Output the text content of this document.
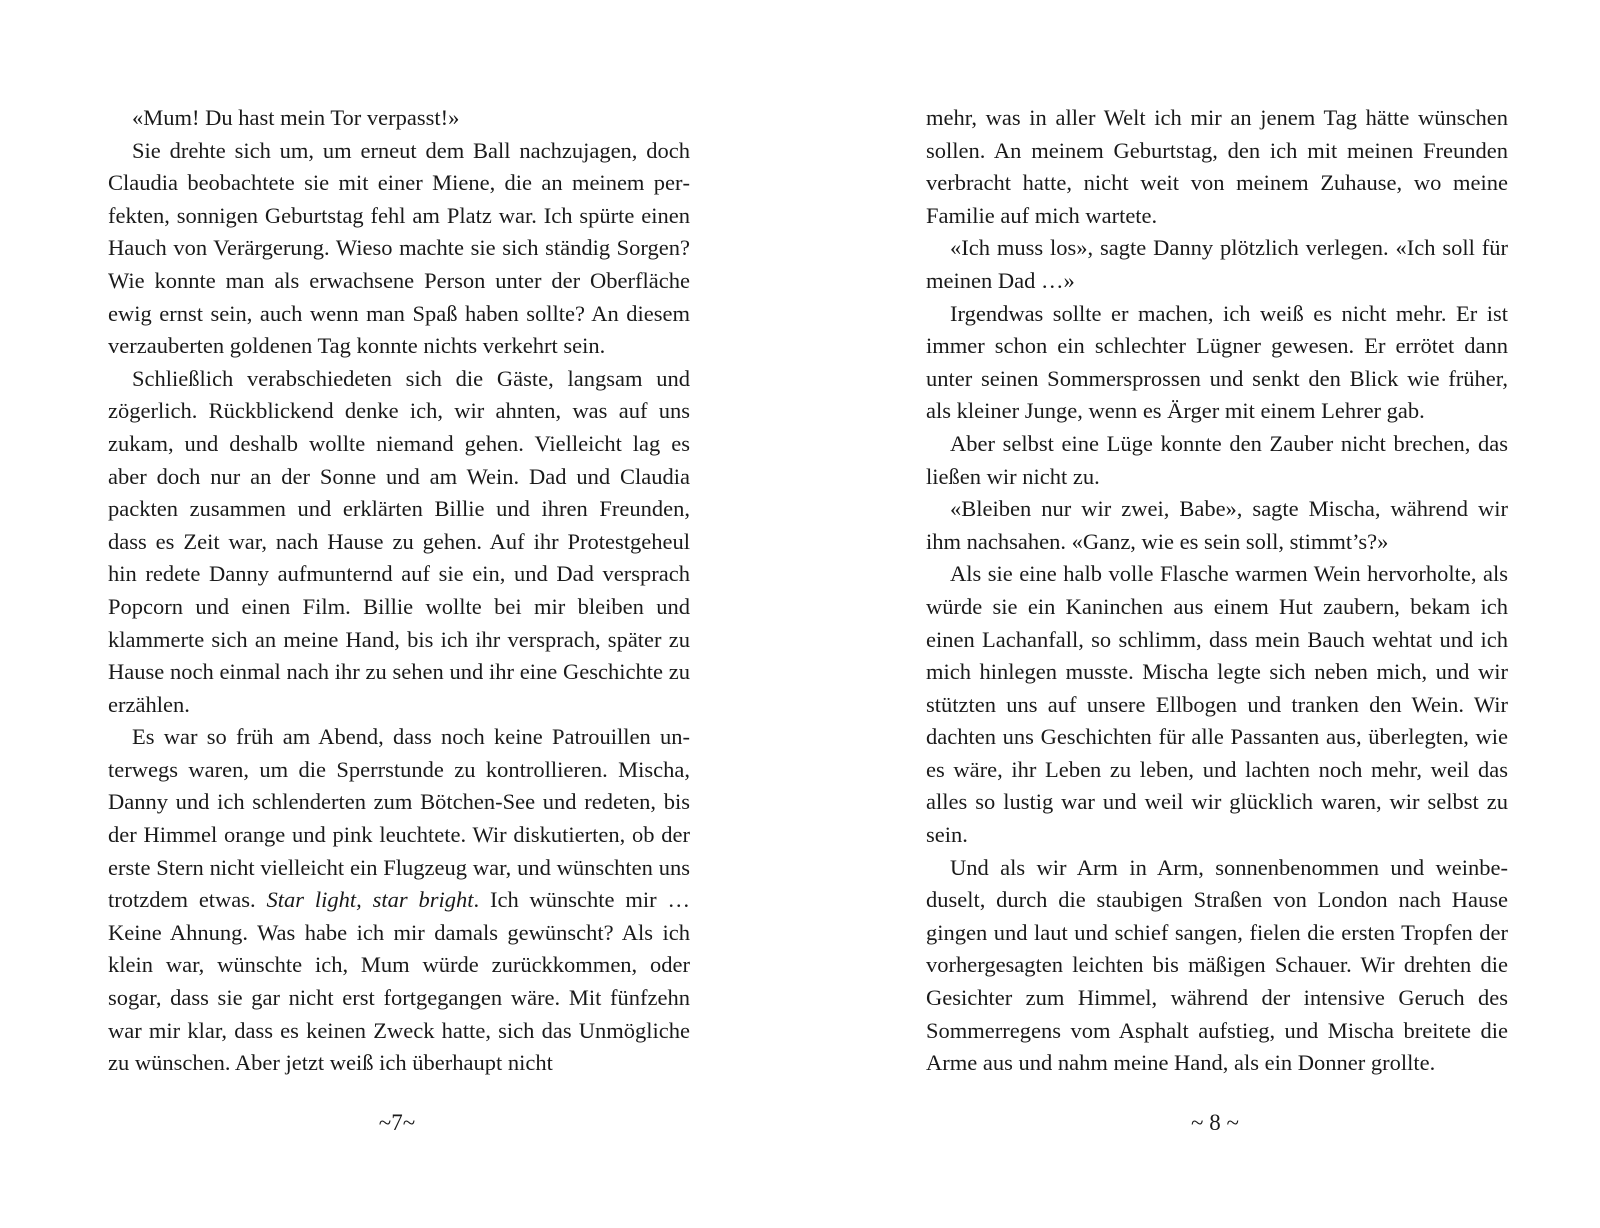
«Mum! Du hast mein Tor verpasst!»

Sie drehte sich um, um erneut dem Ball nachzujagen, doch Claudia beobachtete sie mit einer Miene, die an meinem perfekten, sonnigen Geburtstag fehl am Platz war. Ich spürte einen Hauch von Verärgerung. Wieso machte sie sich ständig Sorgen? Wie konnte man als erwachsene Person unter der Oberfläche ewig ernst sein, auch wenn man Spaß haben sollte? An diesem verzauberten goldenen Tag konnte nichts verkehrt sein.

Schließlich verabschiedeten sich die Gäste, langsam und zögerlich. Rückblickend denke ich, wir ahnten, was auf uns zukam, und deshalb wollte niemand gehen. Vielleicht lag es aber doch nur an der Sonne und am Wein. Dad und Claudia packten zusammen und erklärten Billie und ihren Freunden, dass es Zeit war, nach Hause zu gehen. Auf ihr Protestgeheul hin redete Danny aufmunternd auf sie ein, und Dad versprach Popcorn und einen Film. Billie wollte bei mir bleiben und klammerte sich an meine Hand, bis ich ihr versprach, später zu Hause noch einmal nach ihr zu sehen und ihr eine Geschichte zu erzählen.

Es war so früh am Abend, dass noch keine Patrouillen unterwegs waren, um die Sperrstunde zu kontrollieren. Mischa, Danny und ich schlenderten zum Bötchen-See und redeten, bis der Himmel orange und pink leuchtete. Wir diskutierten, ob der erste Stern nicht vielleicht ein Flugzeug war, und wünschten uns trotzdem etwas. Star light, star bright. Ich wünschte mir … Keine Ahnung. Was habe ich mir damals gewünscht? Als ich klein war, wünschte ich, Mum würde zurückkommen, oder sogar, dass sie gar nicht erst fortgegangen wäre. Mit fünfzehn war mir klar, dass es keinen Zweck hatte, sich das Unmögliche zu wünschen. Aber jetzt weiß ich überhaupt nicht

~7~

mehr, was in aller Welt ich mir an jenem Tag hätte wünschen sollen. An meinem Geburtstag, den ich mit meinen Freunden verbracht hatte, nicht weit von meinem Zuhause, wo meine Familie auf mich wartete.

«Ich muss los», sagte Danny plötzlich verlegen. «Ich soll für meinen Dad …»

Irgendwas sollte er machen, ich weiß es nicht mehr. Er ist immer schon ein schlechter Lügner gewesen. Er errötet dann unter seinen Sommersprossen und senkt den Blick wie früher, als kleiner Junge, wenn es Ärger mit einem Lehrer gab.

Aber selbst eine Lüge konnte den Zauber nicht brechen, das ließen wir nicht zu.

«Bleiben nur wir zwei, Babe», sagte Mischa, während wir ihm nachsahen. «Ganz, wie es sein soll, stimmt’s?»

Als sie eine halb volle Flasche warmen Wein hervorholte, als würde sie ein Kaninchen aus einem Hut zaubern, bekam ich einen Lachanfall, so schlimm, dass mein Bauch wehtat und ich mich hinlegen musste. Mischa legte sich neben mich, und wir stützten uns auf unsere Ellbogen und tranken den Wein. Wir dachten uns Geschichten für alle Passanten aus, überlegten, wie es wäre, ihr Leben zu leben, und lachten noch mehr, weil das alles so lustig war und weil wir glücklich waren, wir selbst zu sein.

Und als wir Arm in Arm, sonnenbenommen und weinbeduselt, durch die staubigen Straßen von London nach Hause gingen und laut und schief sangen, fielen die ersten Tropfen der vorhergesagten leichten bis mäßigen Schauer. Wir drehten die Gesichter zum Himmel, während der intensive Geruch des Sommerregens vom Asphalt aufstieg, und Mischa breitete die Arme aus und nahm meine Hand, als ein Donner grollte.

~ 8 ~
